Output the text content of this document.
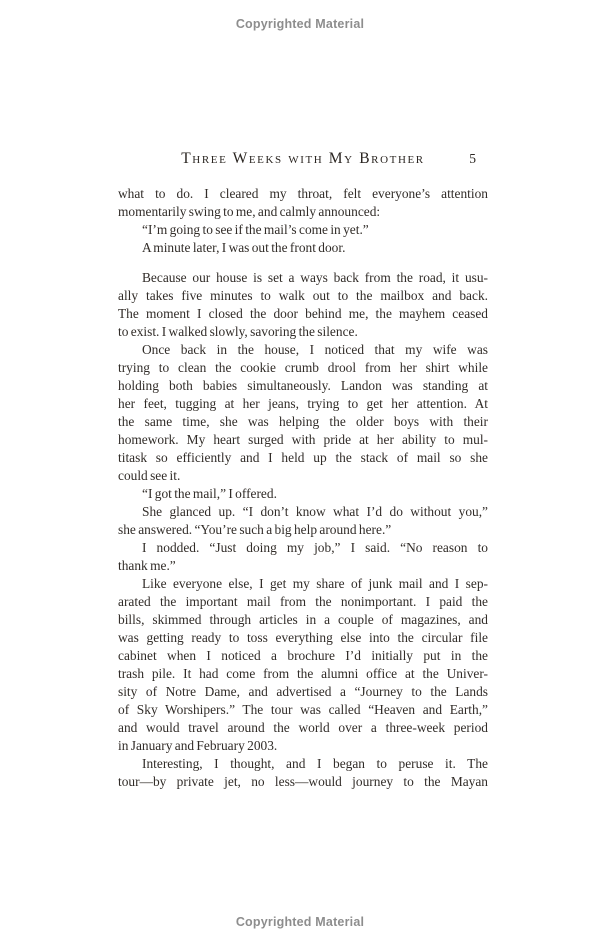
Copyrighted Material
Three Weeks with My Brother	5
what to do. I cleared my throat, felt everyone’s attention
momentarily swing to me, and calmly announced:
“I’m going to see if the mail’s come in yet.”
A minute later, I was out the front door.
Because our house is set a ways back from the road, it usu-
ally takes five minutes to walk out to the mailbox and back.
The moment I closed the door behind me, the mayhem ceased
to exist. I walked slowly, savoring the silence.
Once back in the house, I noticed that my wife was
trying to clean the cookie crumb drool from her shirt while
holding both babies simultaneously. Landon was standing at
her feet, tugging at her jeans, trying to get her attention. At
the same time, she was helping the older boys with their
homework. My heart surged with pride at her ability to mul-
titask so efficiently and I held up the stack of mail so she
could see it.
“I got the mail,” I offered.
She glanced up. “I don’t know what I’d do without you,”
she answered. “You’re such a big help around here.”
I nodded. “Just doing my job,” I said. “No reason to
thank me.”
Like everyone else, I get my share of junk mail and I sep-
arated the important mail from the nonimportant. I paid the
bills, skimmed through articles in a couple of magazines, and
was getting ready to toss everything else into the circular file
cabinet when I noticed a brochure I’d initially put in the
trash pile. It had come from the alumni office at the Univer-
sity of Notre Dame, and advertised a “Journey to the Lands
of Sky Worshipers.” The tour was called “Heaven and Earth,”
and would travel around the world over a three-week period
in January and February 2003.
Interesting, I thought, and I began to peruse it. The
tour—by private jet, no less—would journey to the Mayan
Copyrighted Material
